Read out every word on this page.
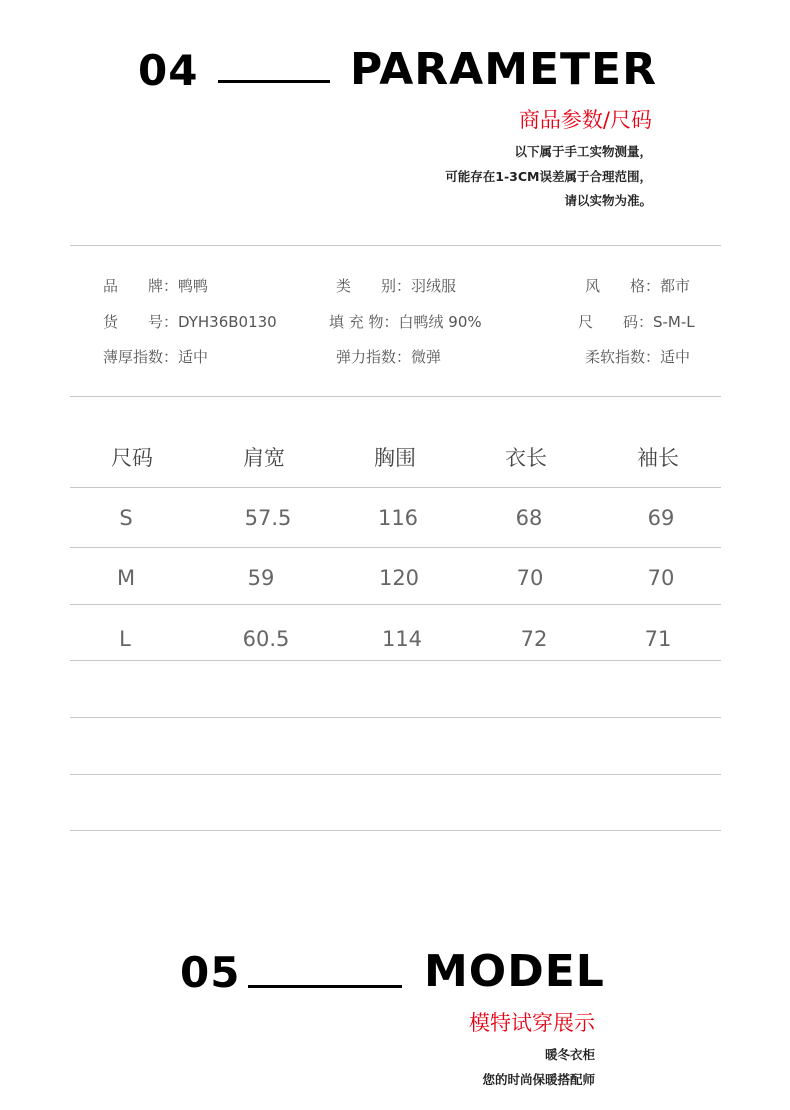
04	PARAMETER
商品参数/尺码
以下属于手工实物测量，
可能存在1-3CM误差属于合理范围，
请以实物为准。
品　　牌：鸭鸭	类　　别：羽绒服	风　　格：都市
货　　号：DYH36B0130	填 充 物：白鸭绒 90%	尺　　码：S-M-L
薄厚指数：适中	弹力指数：微弹	柔软指数：适中
尺码	肩宽	胸围	衣长	袖长
S	57.5	116	68	69
M	59	120	70	70
L	60.5	114	72	71
05	MODEL
模特试穿展示
暖冬衣柜
您的时尚保暖搭配师
